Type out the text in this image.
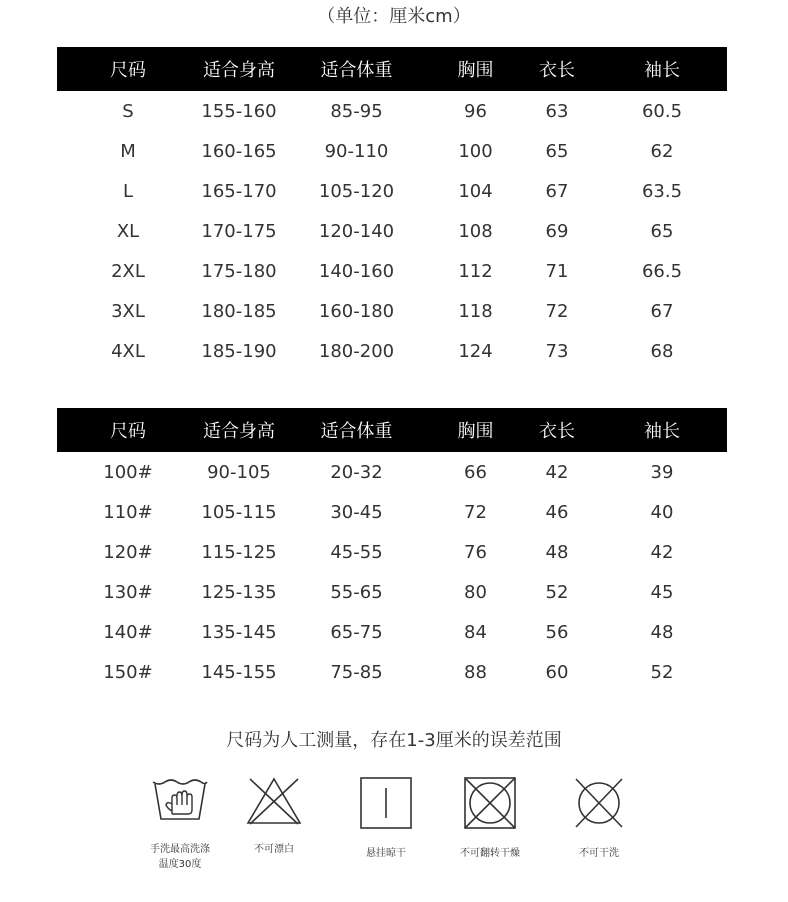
（单位：厘米cm）
尺码	适合身高	适合体重	胸围	衣长	袖长
S	155-160	85-95	96	63	60.5
M	160-165	90-110	100	65	62
L	165-170	105-120	104	67	63.5
XL	170-175	120-140	108	69	65
2XL	175-180	140-160	112	71	66.5
3XL	180-185	160-180	118	72	67
4XL	185-190	180-200	124	73	68
尺码	适合身高	适合体重	胸围	衣长	袖长
100#	90-105	20-32	66	42	39
110#	105-115	30-45	72	46	40
120#	115-125	45-55	76	48	42
130#	125-135	55-65	80	52	45
140#	135-145	65-75	84	56	48
150#	145-155	75-85	88	60	52
尺码为人工测量，存在1-3厘米的误差范围
手洗最高洗涤温度30度
不可漂白	悬挂晾干	不可翻转干燥	不可干洗
